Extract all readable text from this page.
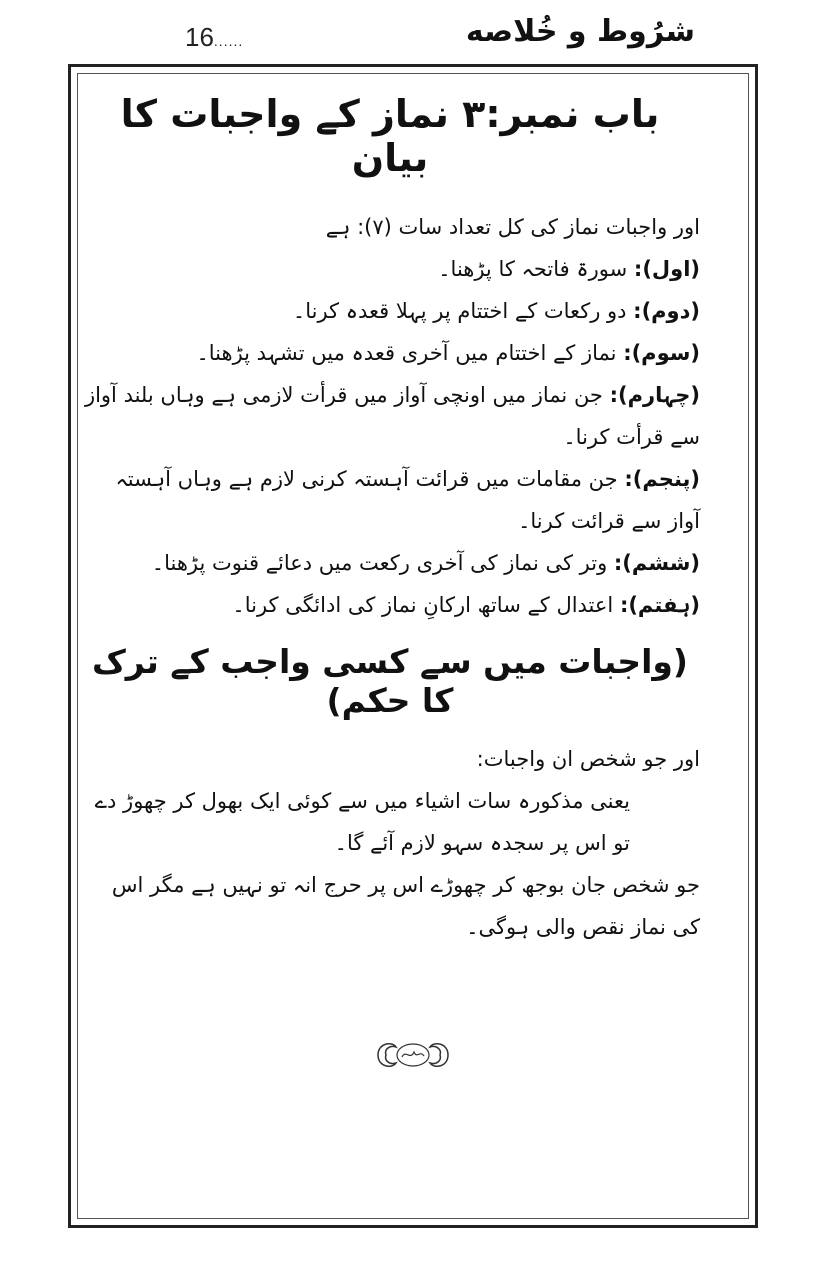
16......	شرُوط و خُلاصه
باب نمبر:۳ نماز کے واجبات کا بیان

اور واجبات نماز کی کل تعداد سات (۷): ہے

(اول): سورۃ فاتحہ کا پڑھنا۔

(دوم): دو رکعات کے اختتام پر پہلا قعدہ کرنا۔

(سوم): نماز کے اختتام میں آخری قعدہ میں تشہد پڑھنا۔

(چہارم): جن نماز میں اونچی آواز میں قرأت لازمی ہے وہاں بلند آواز سے قرأت کرنا۔

(پنجم): جن مقامات میں قرائت آہستہ کرنی لازم ہے وہاں آہستہ آواز سے قرائت کرنا۔

(ششم): وتر کی نماز کی آخری رکعت میں دعائے قنوت پڑھنا۔

(ہفتم): اعتدال کے ساتھ ارکانِ نماز کی ادائگی کرنا۔

(واجبات میں سے کسی واجب کے ترک کا حکم)

اور جو شخص ان واجبات:

یعنی مذکورہ سات اشیاء میں سے کوئی ایک بھول کر چھوڑ دے تو اس پر سجدہ سہو لازم آئے گا۔

جو شخص جان بوجھ کر چھوڑے اس پر حرج انہ تو نہیں ہے مگر اس کی نماز نقص والی ہوگی۔
